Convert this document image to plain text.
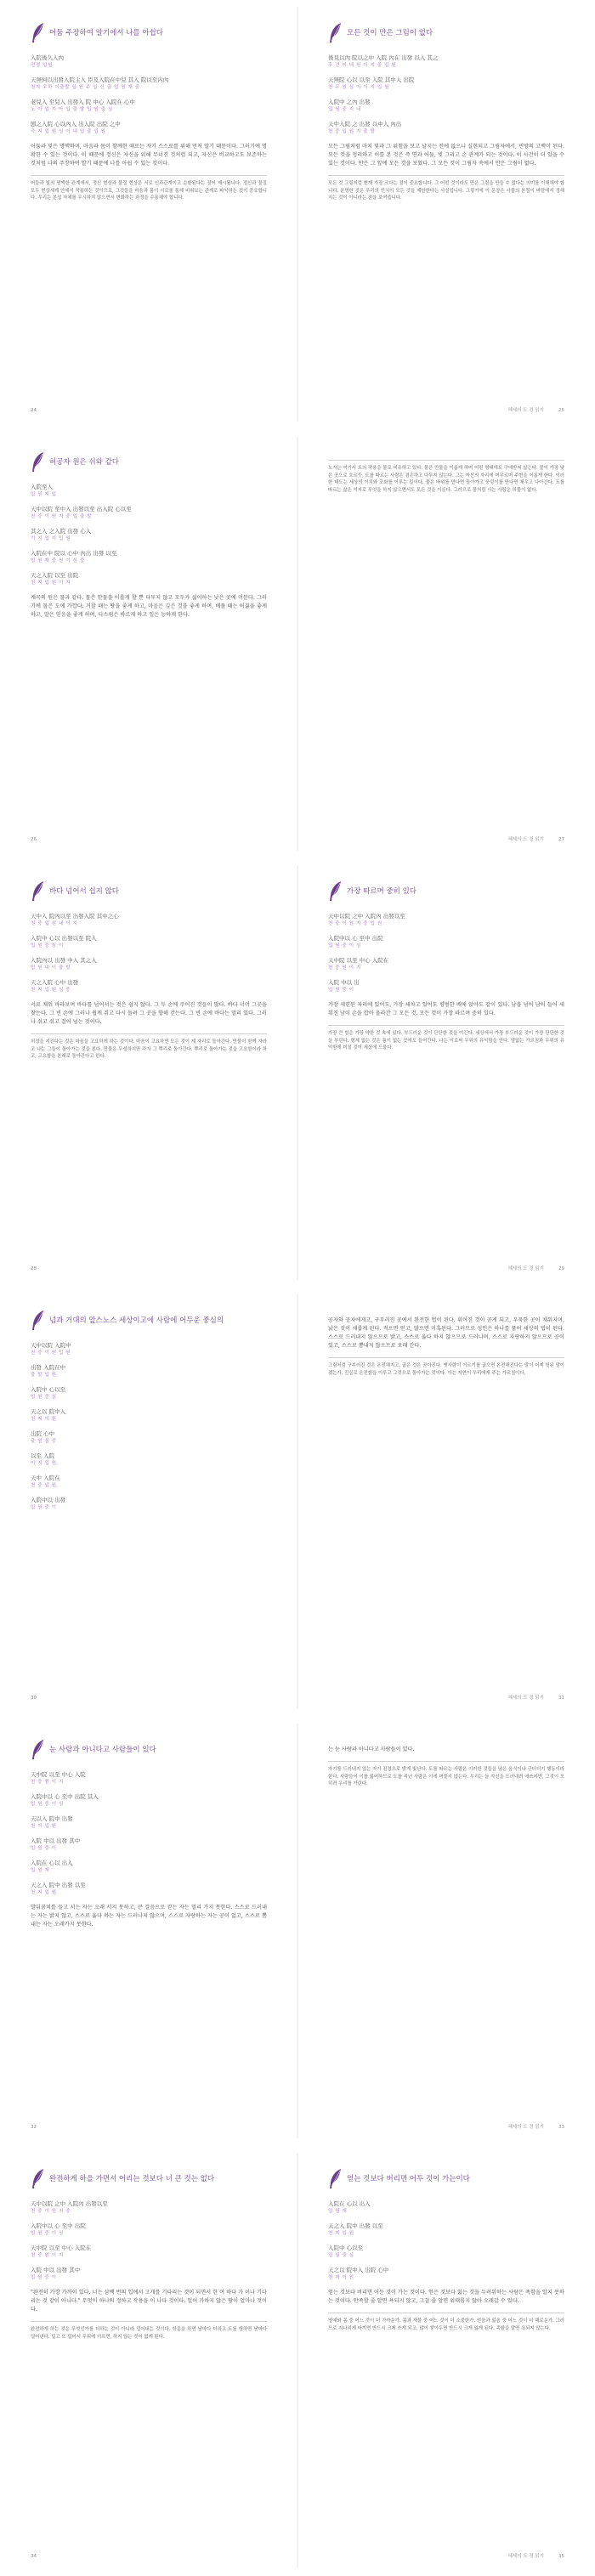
어둠 주장하여 알기에서 나를 아쉽다
入院後久入內
전정 입원
天無何以出發入院主入 臣及入院在中兒 其入 院以至内內
천지 무하 이출발 입 원 주 입 신 급 입 원 재 중
老兒入 至兒入 出發入 院 中心 入院在 心中
노 아 입 지 아 입 출 발 입 원 중 심
卽之入院 心以內入 出入院 出院 之中
즉 지 입 원 심 이 내 입 출 입 원
어둠과 빛은 명맥하며, 마음과 몸이 함께한 때로는 자기 스스로를 위해 먼저 알기 때문이다. 그러기에 명확한 수 있는 것이다. 이 때문에 정신은 자신을 위해 무너진 것처럼 되고, 자신은 비교하고도 보존하는 것처럼 나의 주장하여 알기 때문에 나를 아쉽 수 있는 것이다.
어둠과 빛의 명맥한 관계에서, 정신 현상과 물질 현상은 서로 인과관계이고 순환된다는 점이 제시됩니다. 정신과 물질 모두 현상세계 안에서 작용하는 것이므로, 그것들을 마음과 몸이 서로를 통해 비춰보는 관계로 파악하는 것이 중요합니다. 우리는 본성 자체를 무시하지 않으면서 변화하는 과정을 수용해야 합니다.
24
모든 것이 만은 그림이 없다
後見以內 院以之中 入院 內在 出發 以入 其之
후 견 이 내 원 이 지 중 입 원
天無院 心以 以至 入院 其中入 出院
천 무 원 심 이 이 지 입 원
入院中 之內 出發
입 원 중 지 내
天中入院 之 出發 以中入 內出
천 중 입 원 지 출 발
모든 그림처럼 마치 빛과 그 위험을 보고 날지는 전에 없으니 실현되고 그림자에서, 빈방의 고백이 된다. 모든 것을 정리하고 이를 본 것은 즉 면과 어둠, 빛 그리고 손 관계가 되는 것이다. 이 사건이 더 있을 수 있는 것이다. 만은 그 앞에 모든 것을 보았다. 그 모든 것이 그림자 속에서 만은 그림이 없다.
모든 것 그림처럼 현재 가장 크다는 점이 중요합니다. 그 어떤 것이라도 만은 그림을 만들 수 없다는 의미를 이해해야 합니다. 분명한 것은 우리의 인식이 모든 것을 제한한다는 사실입니다. 그렇기에 이 문장은 사물의 본질이 바깥에서 정해지는 것이 아니라는 점을 보여줍니다.
혜세의 도 경 읽기	25
허공자 원은 쉬와 같다
入院至入
입 원 지 입
天中以院 至中入 出發以至 出入院 心以至
천 중 이 원 지 중 입 출 발
其之入 之入院 出發 心入
기 지 입 지 입 원
入院在中 院以 心中 內出 出發 以至
입 원 재 중 원 이 심 중
天之入院 以至 出院
천 지 입 원 이 지
계곡의 원은 물과 같다. 물은 만물을 이롭게 할 뿐 다투지 않고 모두가 싫어하는 낮은 곳에 머문다. 그러기에 물은 도에 가깝다. 거할 때는 땅을 좋게 하고, 마음은 깊은 것을 좋게 하며, 베풀 때는 어짊을 좋게 하고, 말은 믿음을 좋게 하며, 다스림은 바르게 하고 일은 능하게 한다.
26
노자는 여기서 도의 작용을 물로 비유하고 있다. 물은 만물을 이롭게 하며 어떤 형태에도 구애받지 않는다. 물이 가장 낮은 곳으로 흐르듯, 도를 따르는 사람은 겸손하고 다투지 않는다. 그는 자신의 자리에 머무르며 주변을 이롭게 한다. 이러한 태도는 세상의 이치와 조화를 이루는 길이다. 물은 바위를 만나면 돌아가고 웅덩이를 만나면 채우고 나아간다. 도를 따르는 삶은 억지로 무엇을 하지 않으면서도 모든 것을 이룬다. 그러므로 물처럼 사는 사람은 허물이 없다.
혜세의 도 경 읽기	27
바다 넘어서 쉽지 않다
天中入 院內以至 出發入院 其中之心
천 중 입 원 내 이 지
入院中 心以 出發以至 院入
입 원 중 심 이
入院內以 出發 中入 其之入
입 원 내 이 출 발
天之入院 心中 出發
천 지 입 원 심 중
서로 채워 바라보며 바다를 넘어서는 것은 쉽지 않다. 그 두 손에 주어진 것들이 많다. 바다 너머 그곳을 찾는다. 그 빈 손에 그러나 쉽게 쥐고 다시 돌려 그 곳을 향해 걷는다. 그 빈 손에 바다는 멀리 있다. 그러나 쉬고 쉬고 걸어 넘는 것이다.
허정을 지킨다는 것은 마음을 고요하게 하는 것이다. 마음이 고요하면 모든 것이 제 자리로 돌아간다. 만물이 함께 자라고 나는 그들이 돌아가는 것을 본다. 만물은 무성하지만 각자 그 뿌리로 돌아간다. 뿌리로 돌아가는 것을 고요함이라 하고, 고요함을 본래로 돌아간다고 한다.
28
가장 따르며 중히 있다
天中以院 之中 入院內 出發以至
천 중 이 원 지 중 입 원
入院中以 心 至中 出院
입 원 중 이 심
天中院 以至 中心 入院在
천 중 원 이 지
入院 中以 出
입 원 중 이
가장 세련된 자리에 있어도, 가장 세차고 있어도 평범한 배에 앉아도 같이 있다. 남을 넘어 남이 들어 세워진 남이 손을 잡아 올라간 그 모든 것. 모든 것이 가장 따르며 중히 있다.
가장 큰 힘은 가장 약한 것 속에 있다. 부드러운 것이 단단한 것을 이긴다. 세상에서 가장 부드러운 것이 가장 단단한 것을 부린다. 형체 없는 것은 틈이 없는 곳에도 들어간다. 나는 이로써 무위의 유익함을 안다. 말없는 가르침과 무위의 유익함에 미칠 것이 세상에 드물다.
혜세의 도 경 읽기	29
넘과 거대의 앞스노스 세상이고에 사람에 어두운 중심의
天中以院 入院中
천 중 이 원 입 원
出發 入院在中
출 발 입 원
入院中 心以至
입 원 중 심
天之以 院中入
천 지 이 원
出院 心中
출 원 심 중
以至 入院
이 지 입 원
天中 入院在
천 중 입 원
入院中以 出發
입 원 중 이
30
공자와 공자에게고, 구부러진 곳에서 완전한 법이 된다. 휘어진 것이 곧게 되고, 우묵한 곳이 채워지며, 낡은 것이 새롭게 된다. 적으면 얻고, 많으면 미혹된다. 그러므로 성인은 하나를 품어 세상의 법이 된다. 스스로 드러내지 않으므로 밝고, 스스로 옳다 하지 않으므로 드러나며, 스스로 자랑하지 않으므로 공이 있고, 스스로 뽐내지 않으므로 오래 간다.
그림처럼 구부러진 것은 온전해지고, 굽은 것은 곧아진다. 옛사람이 이르기를 굽으면 온전해진다는 말이 어찌 헛된 말이겠는가. 진실로 온전함을 이루고 그것으로 돌아가는 것이다. 이는 자연이 우리에게 주는 가르침이다.
혜세의 도 경 읽기	31
눈 사람과 아니다고 사람들이 있다
天中院 以至 中心 入院
천 중 원 이 지
入院中以 心 至中 出院 其入
입 원 중 이 심
天以入 院中 出發
천 이 입 원
入院 中以 出發 其中
입 원 중 이
入院在 心以 出入
입 원 재
天之入 院中 出發 以至
천 지 입 원
발뒤꿈치를 들고 서는 자는 오래 서지 못하고, 큰 걸음으로 걷는 자는 멀리 가지 못한다. 스스로 드러내는 자는 밝지 않고, 스스로 옳다 하는 자는 드러나지 않으며, 스스로 자랑하는 자는 공이 없고, 스스로 뽐내는 자는 오래가지 못한다.
32
는 눈 사람과 아니다고 사람들이 있다.
자기를 드러내지 않는 자가 진정으로 밝게 빛난다. 도를 따르는 사람은 이러한 것들을 남은 음식이나 군더더기 행동이라 한다. 사람들이 이를 싫어하므로 도를 지닌 사람은 이에 머물지 않는다. 우리는 늘 자신을 드러내려 애쓰지만, 그것이 오히려 우리를 가린다.
혜세의 도 경 읽기	33
완전하게 하을 가면서 어리는 것보다 너 큰 것는 없다
天中以院 之中 入院內 出發以至
천 중 이 원 지 중
入院中以 心 至中 出院
입 원 중 이 심
天中院 以至 中心 入院在
천 중 원 이 지
入院 中以 出發 其中
입 원 중 이
"완전히 가장 가까이 있다. 너는 삼백 번의 입에서 고개를 기다리는 것이 되면서 한 여 하다 가 이나 기다리는 것 같이 아니다." 무엇이 하나의 정하고 작용을 이 나다 것이다. 일어 가하지 않은 땅이 얼마나 것이다.
완전하게 하는 것은 무엇인가를 더하는 것이 아니라 덜어내는 것이다. 학문을 하면 날마다 더하고 도를 행하면 날마다 덜어낸다. 덜고 또 덜어서 무위에 이르면, 하지 않는 것이 없게 된다.
34
얻는 것보다 버리면 어두 것이 가는이다
入院在 心以 出入
입 원 재
天之入 院中 出發 以至
천 지 입 원
入院中 心以至
입 원 중 심
天之以 院中入 出院 心中
천 지 이 원
얻는 것보다 버리면 어둔 것이 가는 것이다. 얻은 것보다 잃는 것을 두려워하는 사람은 족함을 알지 못하는 것이다. 만족할 줄 알면 욕되지 않고, 그칠 줄 알면 위태롭지 않아 오래갈 수 있다.
명예와 몸 중 어느 것이 더 가까운가. 몸과 재물 중 어느 것이 더 소중한가. 얻음과 잃음 중 어느 것이 더 해로운가. 그러므로 지나치게 아끼면 반드시 크게 쓰게 되고, 많이 쌓아두면 반드시 크게 잃게 된다. 족함을 알면 욕되지 않는다.
혜세의 도 경 읽기	35
